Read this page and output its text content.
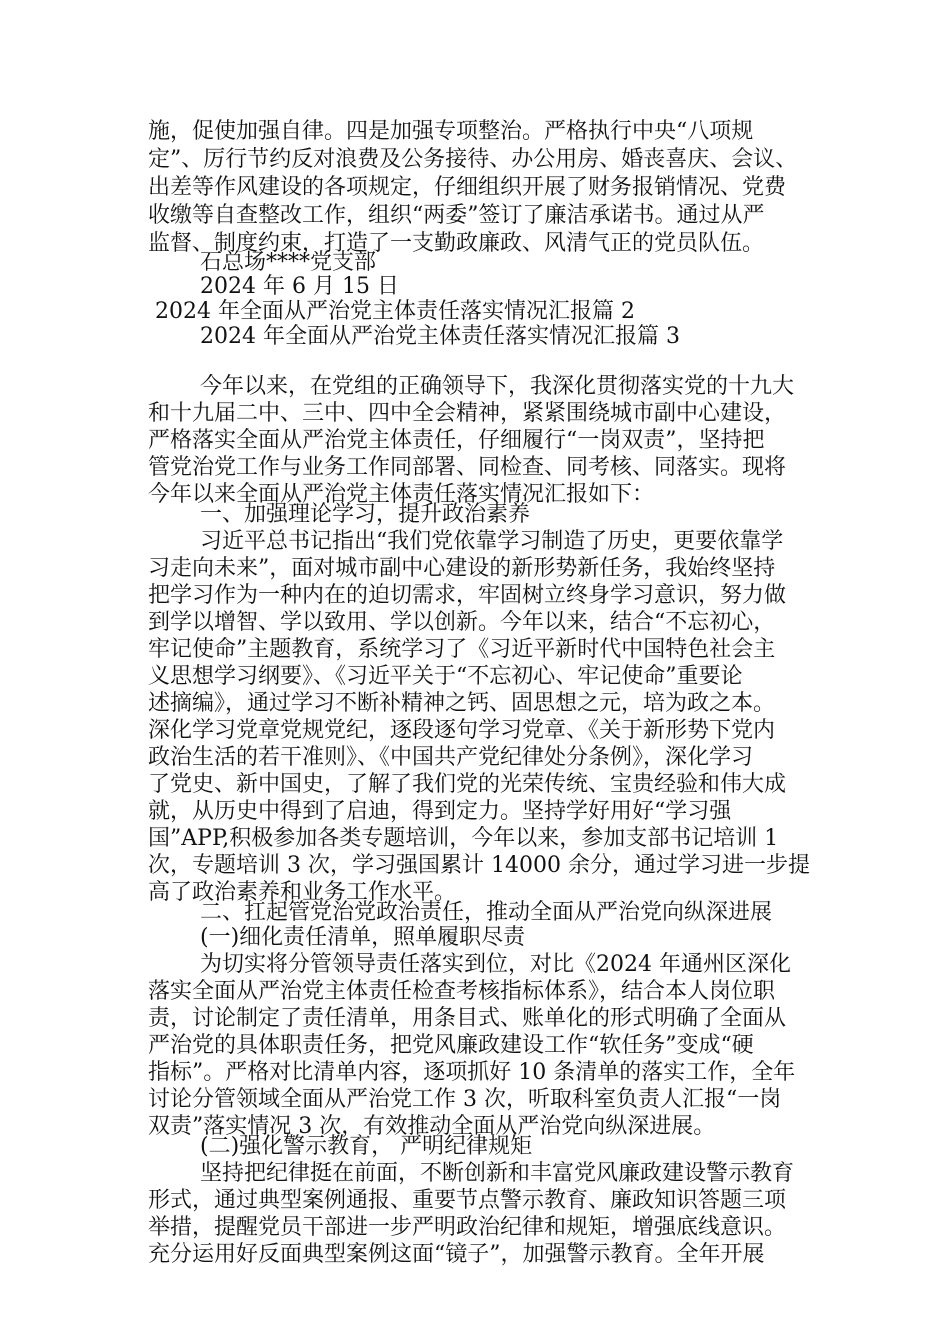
施，促使加强自律。四是加强专项整治。严格执行中央“八项规
定”、厉行节约反对浪费及公务接待、办公用房、婚丧喜庆、会议、
出差等作风建设的各项规定，仔细组织开展了财务报销情况、党费
收缴等自查整改工作，组织“两委”签订了廉洁承诺书。通过从严
监督、制度约束，打造了一支勤政廉政、风清气正的党员队伍。
石总场****党支部
2024 年 6 月 15 日
2024 年全面从严治党主体责任落实情况汇报篇 2
2024 年全面从严治党主体责任落实情况汇报篇 3
今年以来，在党组的正确领导下，我深化贯彻落实党的十九大
和十九届二中、三中、四中全会精神，紧紧围绕城市副中心建设，
严格落实全面从严治党主体责任，仔细履行“一岗双责”，坚持把
管党治党工作与业务工作同部署、同检查、同考核、同落实。现将
今年以来全面从严治党主体责任落实情况汇报如下：
一、加强理论学习，提升政治素养
习近平总书记指出“我们党依靠学习制造了历史，更要依靠学
习走向未来”，面对城市副中心建设的新形势新任务，我始终坚持
把学习作为一种内在的迫切需求，牢固树立终身学习意识，努力做
到学以增智、学以致用、学以创新。今年以来，结合“不忘初心，
牢记使命”主题教育，系统学习了《习近平新时代中国特色社会主
义思想学习纲要》、《习近平关于“不忘初心、牢记使命”重要论
述摘编》，通过学习不断补精神之钙、固思想之元，培为政之本。
深化学习党章党规党纪，逐段逐句学习党章、《关于新形势下党内
政治生活的若干准则》、《中国共产党纪律处分条例》，深化学习
了党史、新中国史，了解了我们党的光荣传统、宝贵经验和伟大成
就，从历史中得到了启迪，得到定力。坚持学好用好“学习强
国”APP,积极参加各类专题培训，今年以来，参加支部书记培训 1
次，专题培训 3 次，学习强国累计 14000 余分，通过学习进一步提
高了政治素养和业务工作水平。
二、扛起管党治党政治责任，推动全面从严治党向纵深进展
(一)细化责任清单，照单履职尽责
为切实将分管领导责任落实到位，对比《2024 年通州区深化
落实全面从严治党主体责任检查考核指标体系》，结合本人岗位职
责，讨论制定了责任清单，用条目式、账单化的形式明确了全面从
严治党的具体职责任务，把党风廉政建设工作“软任务”变成“硬
指标”。严格对比清单内容，逐项抓好 10 条清单的落实工作，全年
讨论分管领域全面从严治党工作 3 次，听取科室负责人汇报“一岗
双责”落实情况 3 次，有效推动全面从严治党向纵深进展。
(二)强化警示教育， 严明纪律规矩
坚持把纪律挺在前面，不断创新和丰富党风廉政建设警示教育
形式，通过典型案例通报、重要节点警示教育、廉政知识答题三项
举措，提醒党员干部进一步严明政治纪律和规矩，增强底线意识。
充分运用好反面典型案例这面“镜子”，加强警示教育。全年开展
